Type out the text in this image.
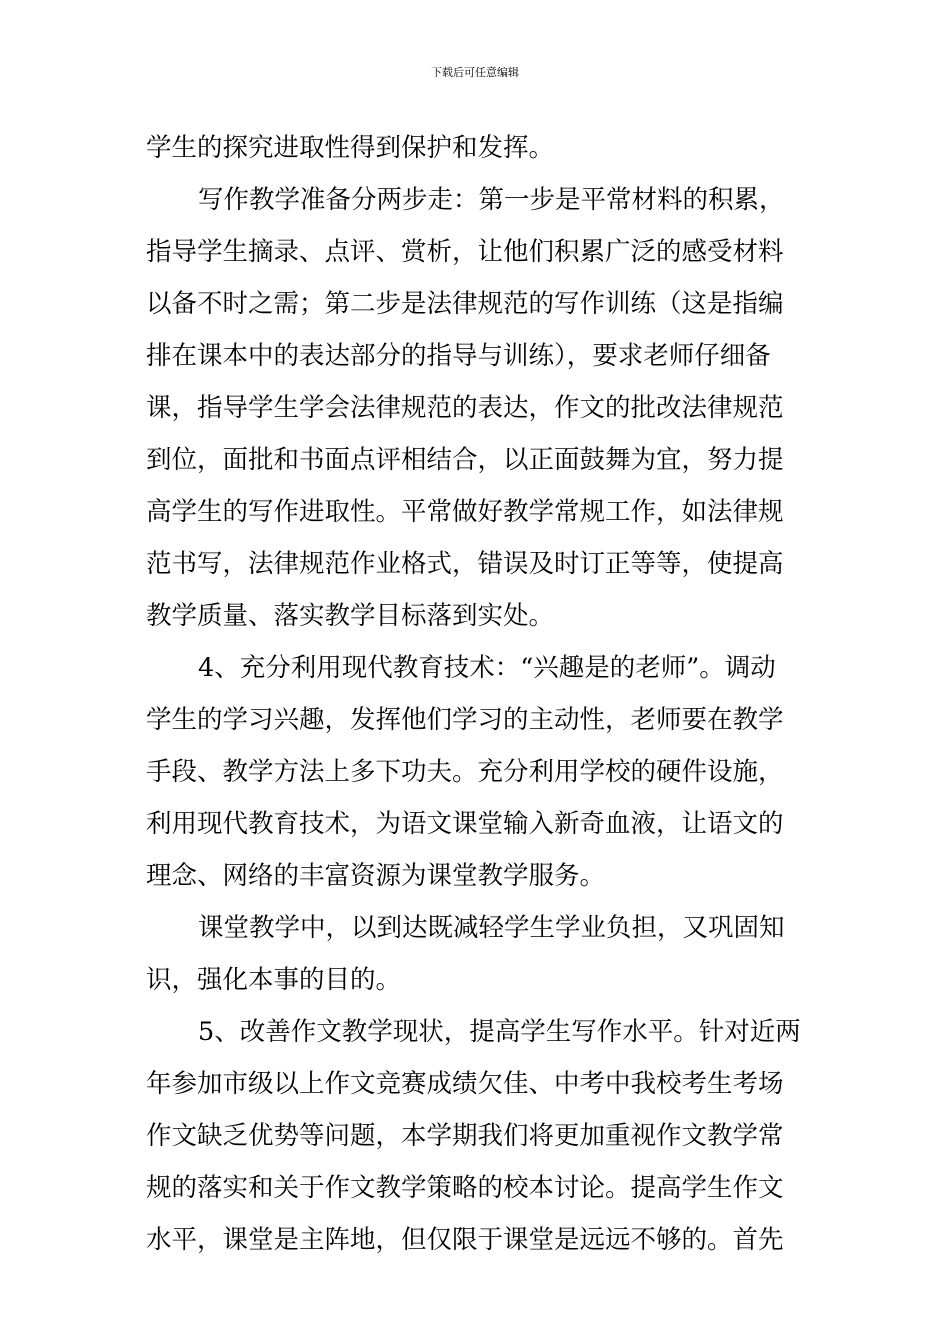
下载后可任意编辑
学生的探究进取性得到保护和发挥。
写作教学准备分两步走：第一步是平常材料的积累，
指导学生摘录、点评、赏析，让他们积累广泛的感受材料
以备不时之需；第二步是法律规范的写作训练（这是指编
排在课本中的表达部分的指导与训练），要求老师仔细备
课，指导学生学会法律规范的表达，作文的批改法律规范
到位，面批和书面点评相结合，以正面鼓舞为宜，努力提
高学生的写作进取性。平常做好教学常规工作，如法律规
范书写，法律规范作业格式，错误及时订正等等，使提高
教学质量、落实教学目标落到实处。
4、充分利用现代教育技术：“兴趣是的老师”。调动
学生的学习兴趣，发挥他们学习的主动性，老师要在教学
手段、教学方法上多下功夫。充分利用学校的硬件设施，
利用现代教育技术，为语文课堂输入新奇血液，让语文的
理念、网络的丰富资源为课堂教学服务。
课堂教学中，以到达既减轻学生学业负担，又巩固知
识，强化本事的目的。
5、改善作文教学现状，提高学生写作水平。针对近两
年参加市级以上作文竞赛成绩欠佳、中考中我校考生考场
作文缺乏优势等问题，本学期我们将更加重视作文教学常
规的落实和关于作文教学策略的校本讨论。提高学生作文
水平，课堂是主阵地，但仅限于课堂是远远不够的。首先
